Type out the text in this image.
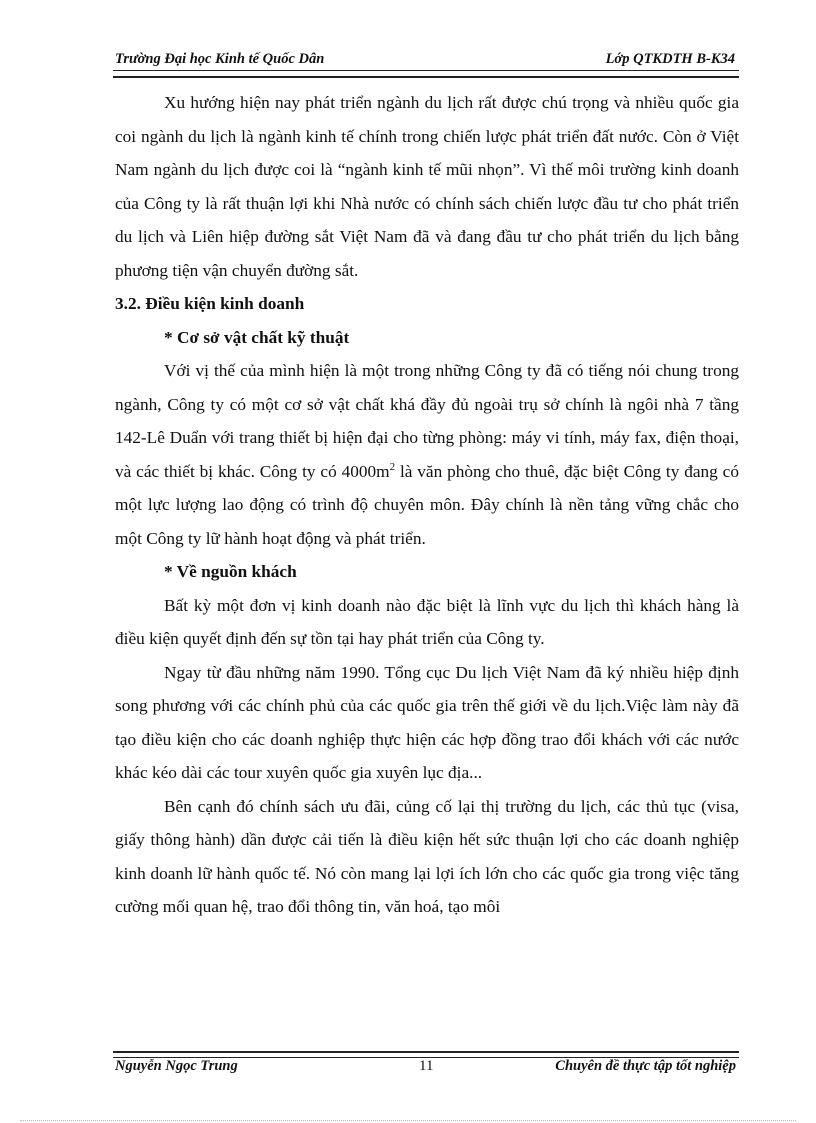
Trường Đại học Kinh tế Quốc Dân	Lớp QTKDTH B-K34

Xu hướng hiện nay phát triển ngành du lịch rất được chú trọng và nhiều quốc gia coi ngành du lịch là ngành kinh tế chính trong chiến lược phát triển đất nước. Còn ở Việt Nam ngành du lịch được coi là “ngành kinh tế mũi nhọn”. Vì thế môi trường kinh doanh của Công ty là rất thuận lợi khi Nhà nước có chính sách chiến lược đầu tư cho phát triển du lịch và Liên hiệp đường sắt Việt Nam đã và đang đầu tư cho phát triển du lịch bằng phương tiện vận chuyển đường sắt.

3.2. Điều kiện kinh doanh

* Cơ sở vật chất kỹ thuật

Với vị thế của mình hiện là một trong những Công ty đã có tiếng nói chung trong ngành, Công ty có một cơ sở vật chất khá đầy đủ ngoài trụ sở chính là ngôi nhà 7 tầng 142-Lê Duẩn với trang thiết bị hiện đại cho từng phòng: máy vi tính, máy fax, điện thoại, và các thiết bị khác. Công ty có $4000m^2$ là văn phòng cho thuê, đặc biệt Công ty đang có một lực lượng lao động có trình độ chuyên môn. Đây chính là nền tảng vững chắc cho một Công ty lữ hành hoạt động và phát triển.

* Về nguồn khách

Bất kỳ một đơn vị kinh doanh nào đặc biệt là lĩnh vực du lịch thì khách hàng là điều kiện quyết định đến sự tồn tại hay phát triển của Công ty.

Ngay từ đầu những năm 1990. Tổng cục Du lịch Việt Nam đã ký nhiều hiệp định song phương với các chính phủ của các quốc gia trên thế giới về du lịch.Việc làm này đã tạo điều kiện cho các doanh nghiệp thực hiện các hợp đồng trao đổi khách với các nước khác kéo dài các tour xuyên quốc gia xuyên lục địa...

Bên cạnh đó chính sách ưu đãi, củng cố lại thị trường du lịch, các thủ tục (visa, giấy thông hành) dần được cải tiến là điều kiện hết sức thuận lợi cho các doanh nghiệp kinh doanh lữ hành quốc tế. Nó còn mang lại lợi ích lớn cho các quốc gia trong việc tăng cường mối quan hệ, trao đổi thông tin, văn hoá, tạo môi

Nguyễn Ngọc Trung	11	Chuyên đề thực tập tốt nghiệp
